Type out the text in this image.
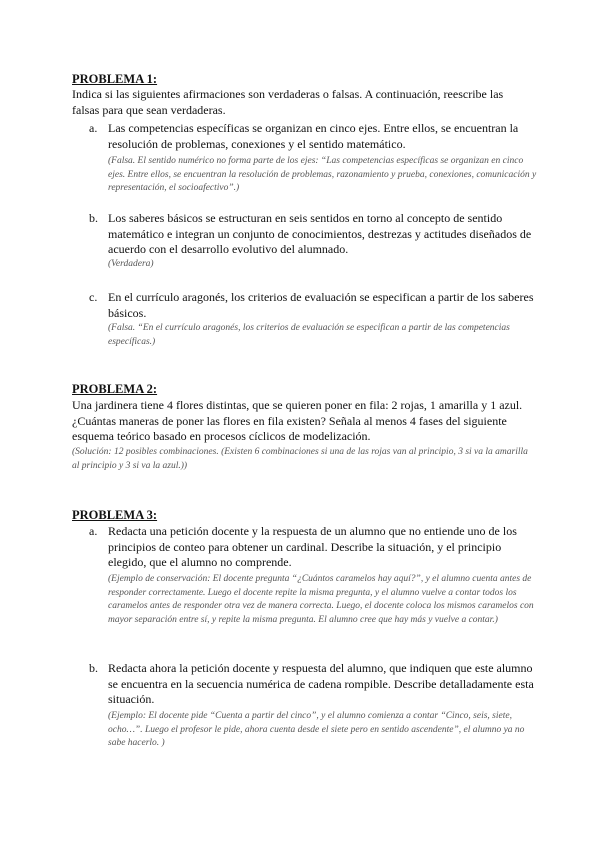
PROBLEMA 1:
Indica si las siguientes afirmaciones son verdaderas o falsas. A continuación, reescribe las falsas para que sean verdaderas.
a. Las competencias específicas se organizan en cinco ejes. Entre ellos, se encuentran la resolución de problemas, conexiones y el sentido matemático.
(Falsa. El sentido numérico no forma parte de los ejes: “Las competencias específicas se organizan en cinco ejes. Entre ellos, se encuentran la resolución de problemas, razonamiento y prueba, conexiones, comunicación y representación, el socioafectivo”.)
b. Los saberes básicos se estructuran en seis sentidos en torno al concepto de sentido matemático e integran un conjunto de conocimientos, destrezas y actitudes diseñados de acuerdo con el desarrollo evolutivo del alumnado.
(Verdadera)
c. En el currículo aragonés, los criterios de evaluación se especifican a partir de los saberes básicos.
(Falsa. “En el currículo aragonés, los criterios de evaluación se especifican a partir de las competencias específicas.)
PROBLEMA 2:
Una jardinera tiene 4 flores distintas, que se quieren poner en fila: 2 rojas, 1 amarilla y 1 azul. ¿Cuántas maneras de poner las flores en fila existen? Señala al menos 4 fases del siguiente esquema teórico basado en procesos cíclicos de modelización.
(Solución: 12 posibles combinaciones. (Existen 6 combinaciones si una de las rojas van al principio, 3 si va la amarilla al principio y 3 si va la azul.))
PROBLEMA 3:
a. Redacta una petición docente y la respuesta de un alumno que no entiende uno de los principios de conteo para obtener un cardinal. Describe la situación, y el principio elegido, que el alumno no comprende.
(Ejemplo de conservación: El docente pregunta “¿Cuántos caramelos hay aquí?”, y el alumno cuenta antes de responder correctamente. Luego el docente repite la misma pregunta, y el alumno vuelve a contar todos los caramelos antes de responder otra vez de manera correcta. Luego, el docente coloca los mismos caramelos con mayor separación entre sí, y repite la misma pregunta. El alumno cree que hay más y vuelve a contar.)
b. Redacta ahora la petición docente y respuesta del alumno, que indiquen que este alumno se encuentra en la secuencia numérica de cadena rompible. Describe detalladamente esta situación.
(Ejemplo: El docente pide “Cuenta a partir del cinco”, y el alumno comienza a contar “Cinco, seis, siete, ocho…”. Luego el profesor le pide, ahora cuenta desde el siete pero en sentido ascendente”, el alumno ya no sabe hacerlo. )
